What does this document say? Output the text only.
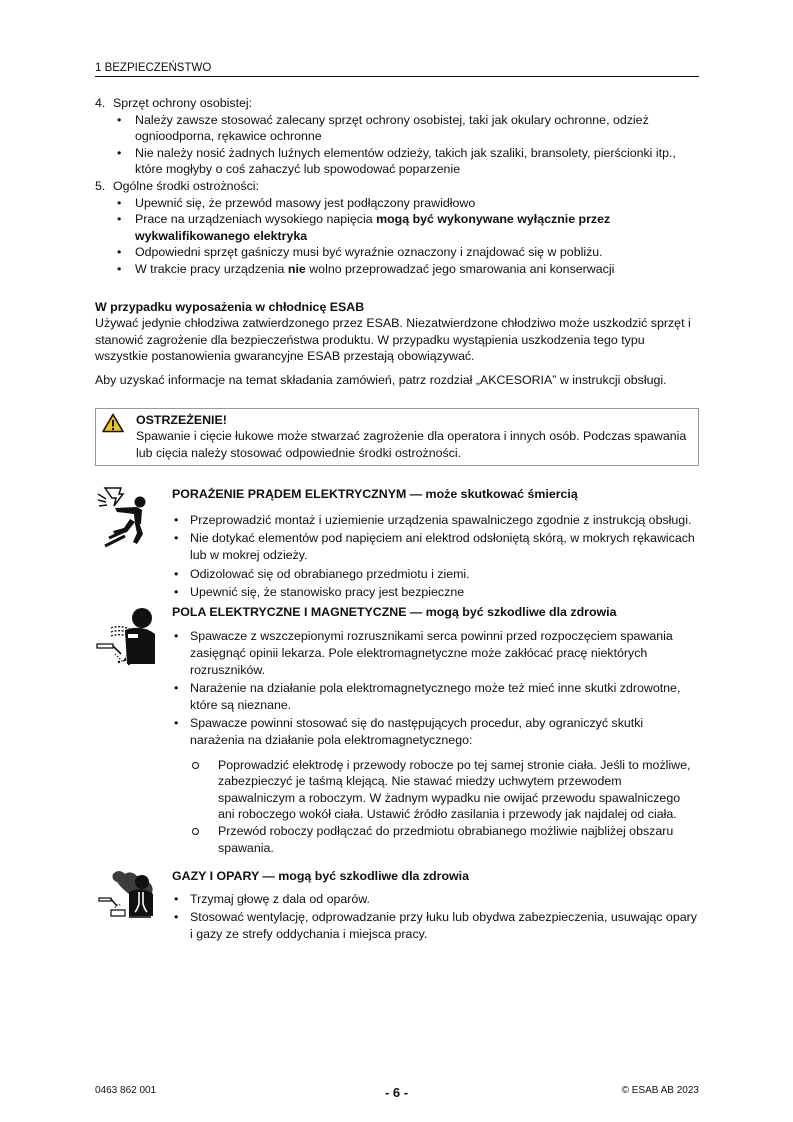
1 BEZPIECZEŃSTWO
4. Sprzęt ochrony osobistej:
• Należy zawsze stosować zalecany sprzęt ochrony osobistej, taki jak okulary ochronne, odzież ognioodporna, rękawice ochronne
• Nie należy nosić żadnych luźnych elementów odzieży, takich jak szaliki, bransolety, pierścionki itp., które mogłyby o coś zahaczyć lub spowodować poparzenie
5. Ogólne środki ostrożności:
• Upewnić się, że przewód masowy jest podłączony prawidłowo
• Prace na urządzeniach wysokiego napięcia mogą być wykonywane wyłącznie przez wykwalifikowanego elektryka
• Odpowiedni sprzęt gaśniczy musi być wyraźnie oznaczony i znajdować się w pobliżu.
• W trakcie pracy urządzenia nie wolno przeprowadzać jego smarowania ani konserwacji
W przypadku wyposażenia w chłodnicę ESAB

Używać jedynie chłodziwa zatwierdzonego przez ESAB. Niezatwierdzone chłodziwo może uszkodzić sprzęt i stanowić zagrożenie dla bezpieczeństwa produktu. W przypadku wystąpienia uszkodzenia tego typu wszystkie postanowienia gwarancyjne ESAB przestają obowiązywać.

Aby uzyskać informacje na temat składania zamówień, patrz rozdział „AKCESORIA” w instrukcji obsługi.

OSTRZEŻENIE!
Spawanie i cięcie łukowe może stwarzać zagrożenie dla operatora i innych osób. Podczas spawania lub cięcia należy stosować odpowiednie środki ostrożności.
PORAŻENIE PRĄDEM ELEKTRYCZNYM — może skutkować śmiercią
• Przeprowadzić montaż i uziemienie urządzenia spawalniczego zgodnie z instrukcją obsługi.
• Nie dotykać elementów pod napięciem ani elektrod odsłoniętą skórą, w mokrych rękawicach lub w mokrej odzieży.
• Odizolować się od obrabianego przedmiotu i ziemi.
• Upewnić się, że stanowisko pracy jest bezpieczne
POLA ELEKTRYCZNE I MAGNETYCZNE — mogą być szkodliwe dla zdrowia
• Spawacze z wszczepionymi rozrusznikami serca powinni przed rozpoczęciem spawania zasięgnąć opinii lekarza. Pole elektromagnetyczne może zakłócać pracę niektórych rozruszników.
• Narażenie na działanie pola elektromagnetycznego może też mieć inne skutki zdrowotne, które są nieznane.
• Spawacze powinni stosować się do następujących procedur, aby ograniczyć skutki narażenia na działanie pola elektromagnetycznego:
Poprowadzić elektrodę i przewody robocze po tej samej stronie ciała. Jeśli to możliwe, zabezpieczyć je taśmą klejącą. Nie stawać miedzy uchwytem przewodem spawalniczym a roboczym. W żadnym wypadku nie owijać przewodu spawalniczego ani roboczego wokół ciała. Ustawić źródło zasilania i przewody jak najdalej od ciała.
Przewód roboczy podłączać do przedmiotu obrabianego możliwie najbliżej obszaru spawania.
GAZY I OPARY — mogą być szkodliwe dla zdrowia
• Trzymaj głowę z dala od oparów.
• Stosować wentylację, odprowadzanie przy łuku lub obydwa zabezpieczenia, usuwając opary i gazy ze strefy oddychania i miejsca pracy.
0463 862 001	- 6 -	© ESAB AB 2023
